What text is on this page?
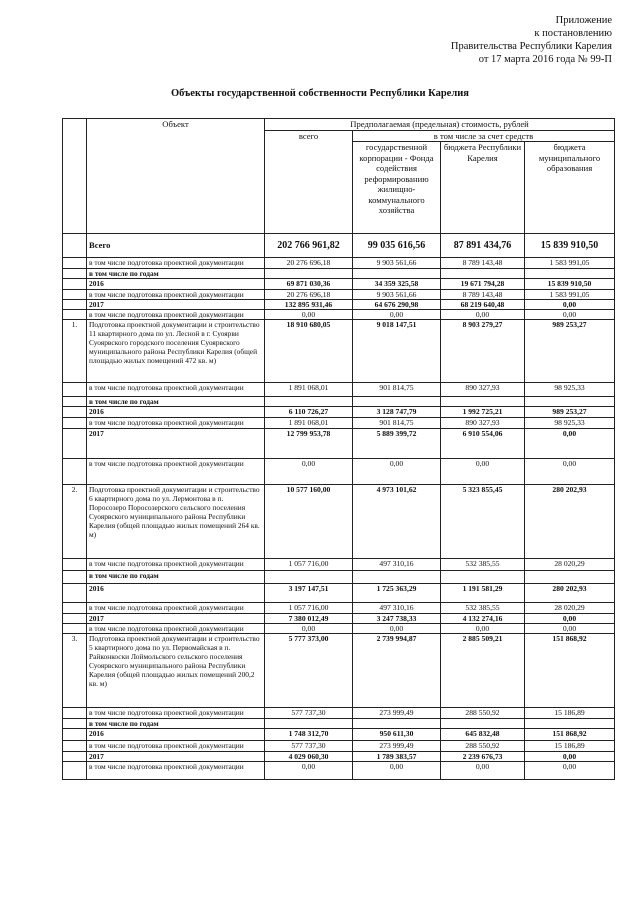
Приложение
к постановлению
Правительства Республики Карелия
от 17 марта 2016 года № 99-П
Объекты государственной собственности Республики Карелия
	Объект	Предполагаемая (предельная) стоимость, рублей			
		всего	в том числе за счет средств		
			государственной корпорации - Фонда содействия реформированию жилищно-коммунального хозяйства	бюджета Республики Карелия	бюджета муниципального образования
	Всего	202 766 961,82	99 035 616,56	87 891 434,76	15 839 910,50
	в том числе подготовка проектной документации	20 276 696,18	9 903 561,66	8 789 143,48	1 583 991,05
	в том числе по годам				
	2016	69 871 030,36	34 359 325,58	19 671 794,28	15 839 910,50
	в том числе подготовка проектной документации	20 276 696,18	9 903 561,66	8 789 143,48	1 583 991,05
	2017	132 895 931,46	64 676 290,98	68 219 640,48	0,00
	в том числе подготовка проектной документации	0,00	0,00	0,00	0,00
1.	Подготовка проектной документации и строительство 11 квартирного дома по ул. Лесной в г. Суоярви Суоярвского городского поселения Суоярвского муниципального района Республики Карелия (общей площадью жилых помещений 472 кв. м)	18 910 680,05	9 018 147,51	8 903 279,27	989 253,27
	в том числе подготовка проектной документации	1 891 068,01	901 814,75	890 327,93	98 925,33
	в том числе по годам				
	2016	6 110 726,27	3 128 747,79	1 992 725,21	989 253,27
	в том числе подготовка проектной документации	1 891 068,01	901 814,75	890 327,93	98 925,33
	2017	12 799 953,78	5 889 399,72	6 910 554,06	0,00
	в том числе подготовка проектной документации	0,00	0,00	0,00	0,00
2.	Подготовка проектной документации и строительство 6 квартирного дома по ул. Лермонтова в п. Поросозеро Поросозерского сельского поселения Суоярвского муниципального района Республики Карелия (общей площадью жилых помещений 264 кв. м)	10 577 160,00	4 973 101,62	5 323 855,45	280 202,93
	в том числе подготовка проектной документации	1 057 716,00	497 310,16	532 385,55	28 020,29
	в том числе по годам				
	2016	3 197 147,51	1 725 363,29	1 191 581,29	280 202,93
	в том числе подготовка проектной документации	1 057 716,00	497 310,16	532 385,55	28 020,29
	2017	7 380 012,49	3 247 738,33	4 132 274,16	0,00
	в том числе подготовка проектной документации	0,00	0,00	0,00	0,00
3.	Подготовка проектной документации и строительство 5 квартирного дома по ул. Первомайская в п. Райконкоски Лоймольского сельского поселения Суоярвского муниципального района Республики Карелия (общей площадью жилых помещений 200,2 кв. м)	5 777 373,00	2 739 994,87	2 885 509,21	151 868,92
	в том числе подготовка проектной документации	577 737,30	273 999,49	288 550,92	15 186,89
	в том числе по годам				
	2016	1 748 312,70	950 611,30	645 832,48	151 868,92
	в том числе подготовка проектной документации	577 737,30	273 999,49	288 550,92	15 186,89
	2017	4 029 060,30	1 789 383,57	2 239 676,73	0,00
	в том числе подготовка проектной документации	0,00	0,00	0,00	0,00
